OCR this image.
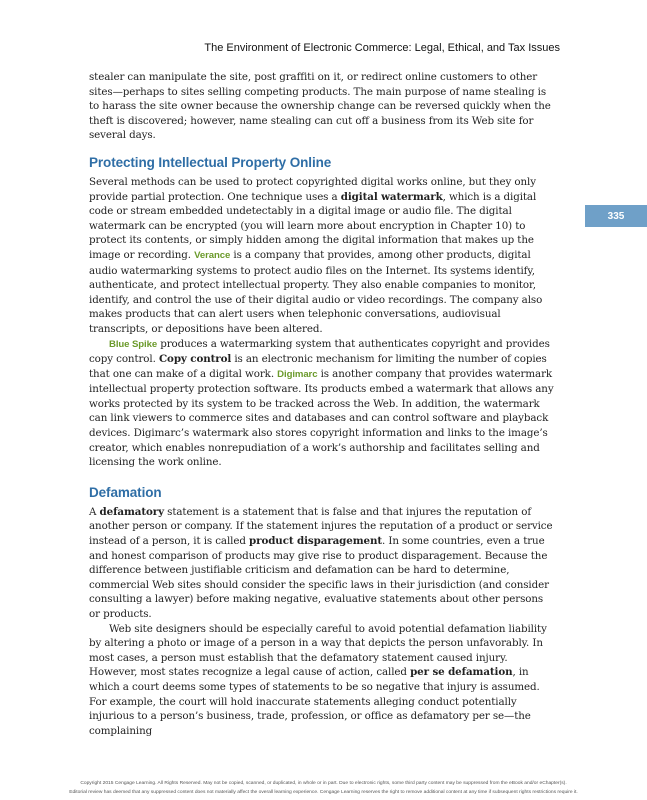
The Environment of Electronic Commerce: Legal, Ethical, and Tax Issues
335

stealer can manipulate the site, post graffiti on it, or redirect online customers to other sites—perhaps to sites selling competing products. The main purpose of name stealing is to harass the site owner because the ownership change can be reversed quickly when the theft is discovered; however, name stealing can cut off a business from its Web site for several days.

Protecting Intellectual Property Online

Several methods can be used to protect copyrighted digital works online, but they only provide partial protection. One technique uses a digital watermark, which is a digital code or stream embedded undetectably in a digital image or audio file. The digital watermark can be encrypted (you will learn more about encryption in Chapter 10) to protect its contents, or simply hidden among the digital information that makes up the image or recording. Verance is a company that provides, among other products, digital audio watermarking systems to protect audio files on the Internet. Its systems identify, authenticate, and protect intellectual property. They also enable companies to monitor, identify, and control the use of their digital audio or video recordings. The company also makes products that can alert users when telephonic conversations, audiovisual transcripts, or depositions have been altered.

Blue Spike produces a watermarking system that authenticates copyright and provides copy control. Copy control is an electronic mechanism for limiting the number of copies that one can make of a digital work. Digimarc is another company that provides watermark intellectual property protection software. Its products embed a watermark that allows any works protected by its system to be tracked across the Web. In addition, the watermark can link viewers to commerce sites and databases and can control software and playback devices. Digimarc’s watermark also stores copyright information and links to the image’s creator, which enables nonrepudiation of a work’s authorship and facilitates selling and licensing the work online.

Defamation

A defamatory statement is a statement that is false and that injures the reputation of another person or company. If the statement injures the reputation of a product or service instead of a person, it is called product disparagement. In some countries, even a true and honest comparison of products may give rise to product disparagement. Because the difference between justifiable criticism and defamation can be hard to determine, commercial Web sites should consider the specific laws in their jurisdiction (and consider consulting a lawyer) before making negative, evaluative statements about other persons or products.

Web site designers should be especially careful to avoid potential defamation liability by altering a photo or image of a person in a way that depicts the person unfavorably. In most cases, a person must establish that the defamatory statement caused injury. However, most states recognize a legal cause of action, called per se defamation, in which a court deems some types of statements to be so negative that injury is assumed. For example, the court will hold inaccurate statements alleging conduct potentially injurious to a person’s business, trade, profession, or office as defamatory per se—the complaining

Copyright 2015 Cengage Learning. All Rights Reserved. May not be copied, scanned, or duplicated, in whole or in part. Due to electronic rights, some third party content may be suppressed from the eBook and/or eChapter(s).
Editorial review has deemed that any suppressed content does not materially affect the overall learning experience. Cengage Learning reserves the right to remove additional content at any time if subsequent rights restrictions require it.
